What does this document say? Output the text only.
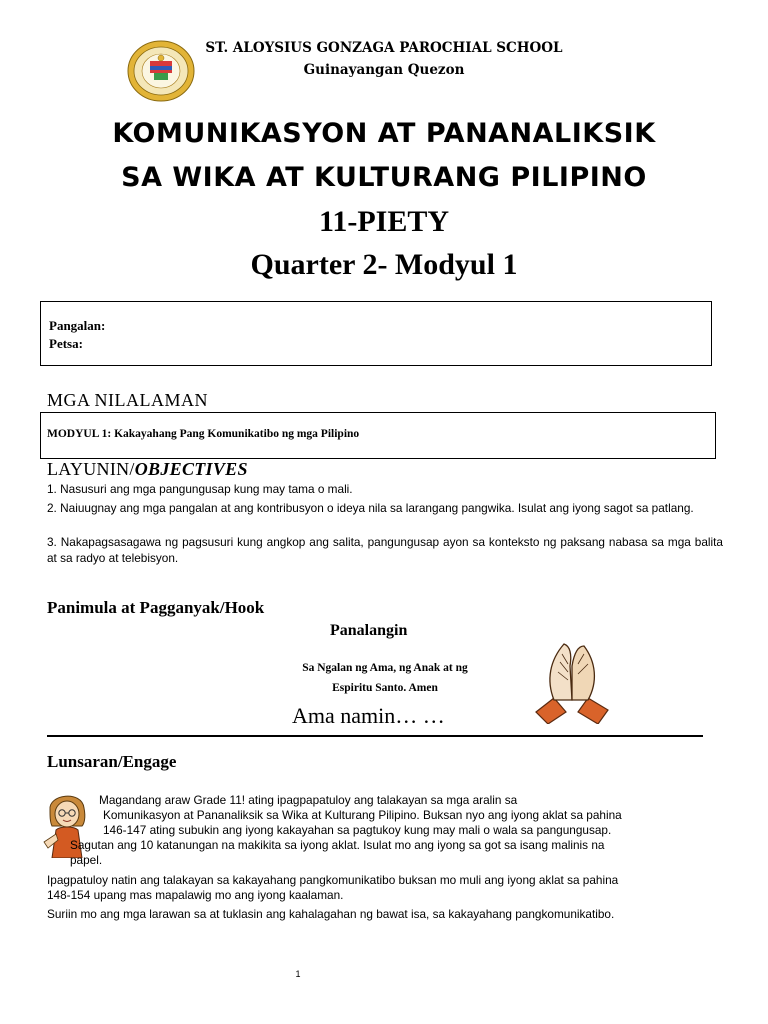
ST. ALOYSIUS GONZAGA PAROCHIAL SCHOOL
Guinayangan Quezon
KOMUNIKASYON AT PANANALIKSIK
SA WIKA AT KULTURANG PILIPINO
11-PIETY
Quarter 2- Modyul 1
Pangalan:
Petsa:
MGA NILALAMAN
MODYUL 1: Kakayahang Pang Komunikatibo ng mga Pilipino
LAYUNIN/OBJECTIVES
1. Nasusuri ang mga pangungusap kung may tama o mali.
2. Naiuugnay ang mga pangalan at ang kontribusyon o ideya nila sa larangang pangwika. Isulat ang iyong sagot sa patlang.
3. Nakapagsasagawa ng pagsusuri kung angkop ang salita, pangungusap ayon sa konteksto ng paksang nabasa sa mga balita at sa radyo at telebisyon.
Panimula at Pagganyak/Hook
Panalangin
Sa Ngalan ng Ama, ng Anak at ng
Espiritu Santo. Amen
Ama namin… …
Lunsaran/Engage
Magandang araw Grade 11! ating ipagpapatuloy ang talakayan sa mga aralin sa
Komunikasyon at Pananaliksik sa Wika at Kulturang Pilipino. Buksan nyo ang iyong aklat sa pahina
146-147 ating subukin ang iyong kakayahan sa pagtukoy kung may mali o wala sa pangungusap.
Sagutan ang 10 katanungan na makikita sa iyong aklat. Isulat mo ang iyong sa got sa isang malinis na
papel.
Ipagpatuloy natin ang talakayan sa kakayahang pangkomunikatibo buksan mo muli ang iyong aklat sa pahina
148-154 upang mas mapalawig mo ang iyong kaalaman.
Suriin mo ang mga larawan sa at tuklasin ang kahalagahan ng bawat isa, sa kakayahang pangkomunikatibo.
1
